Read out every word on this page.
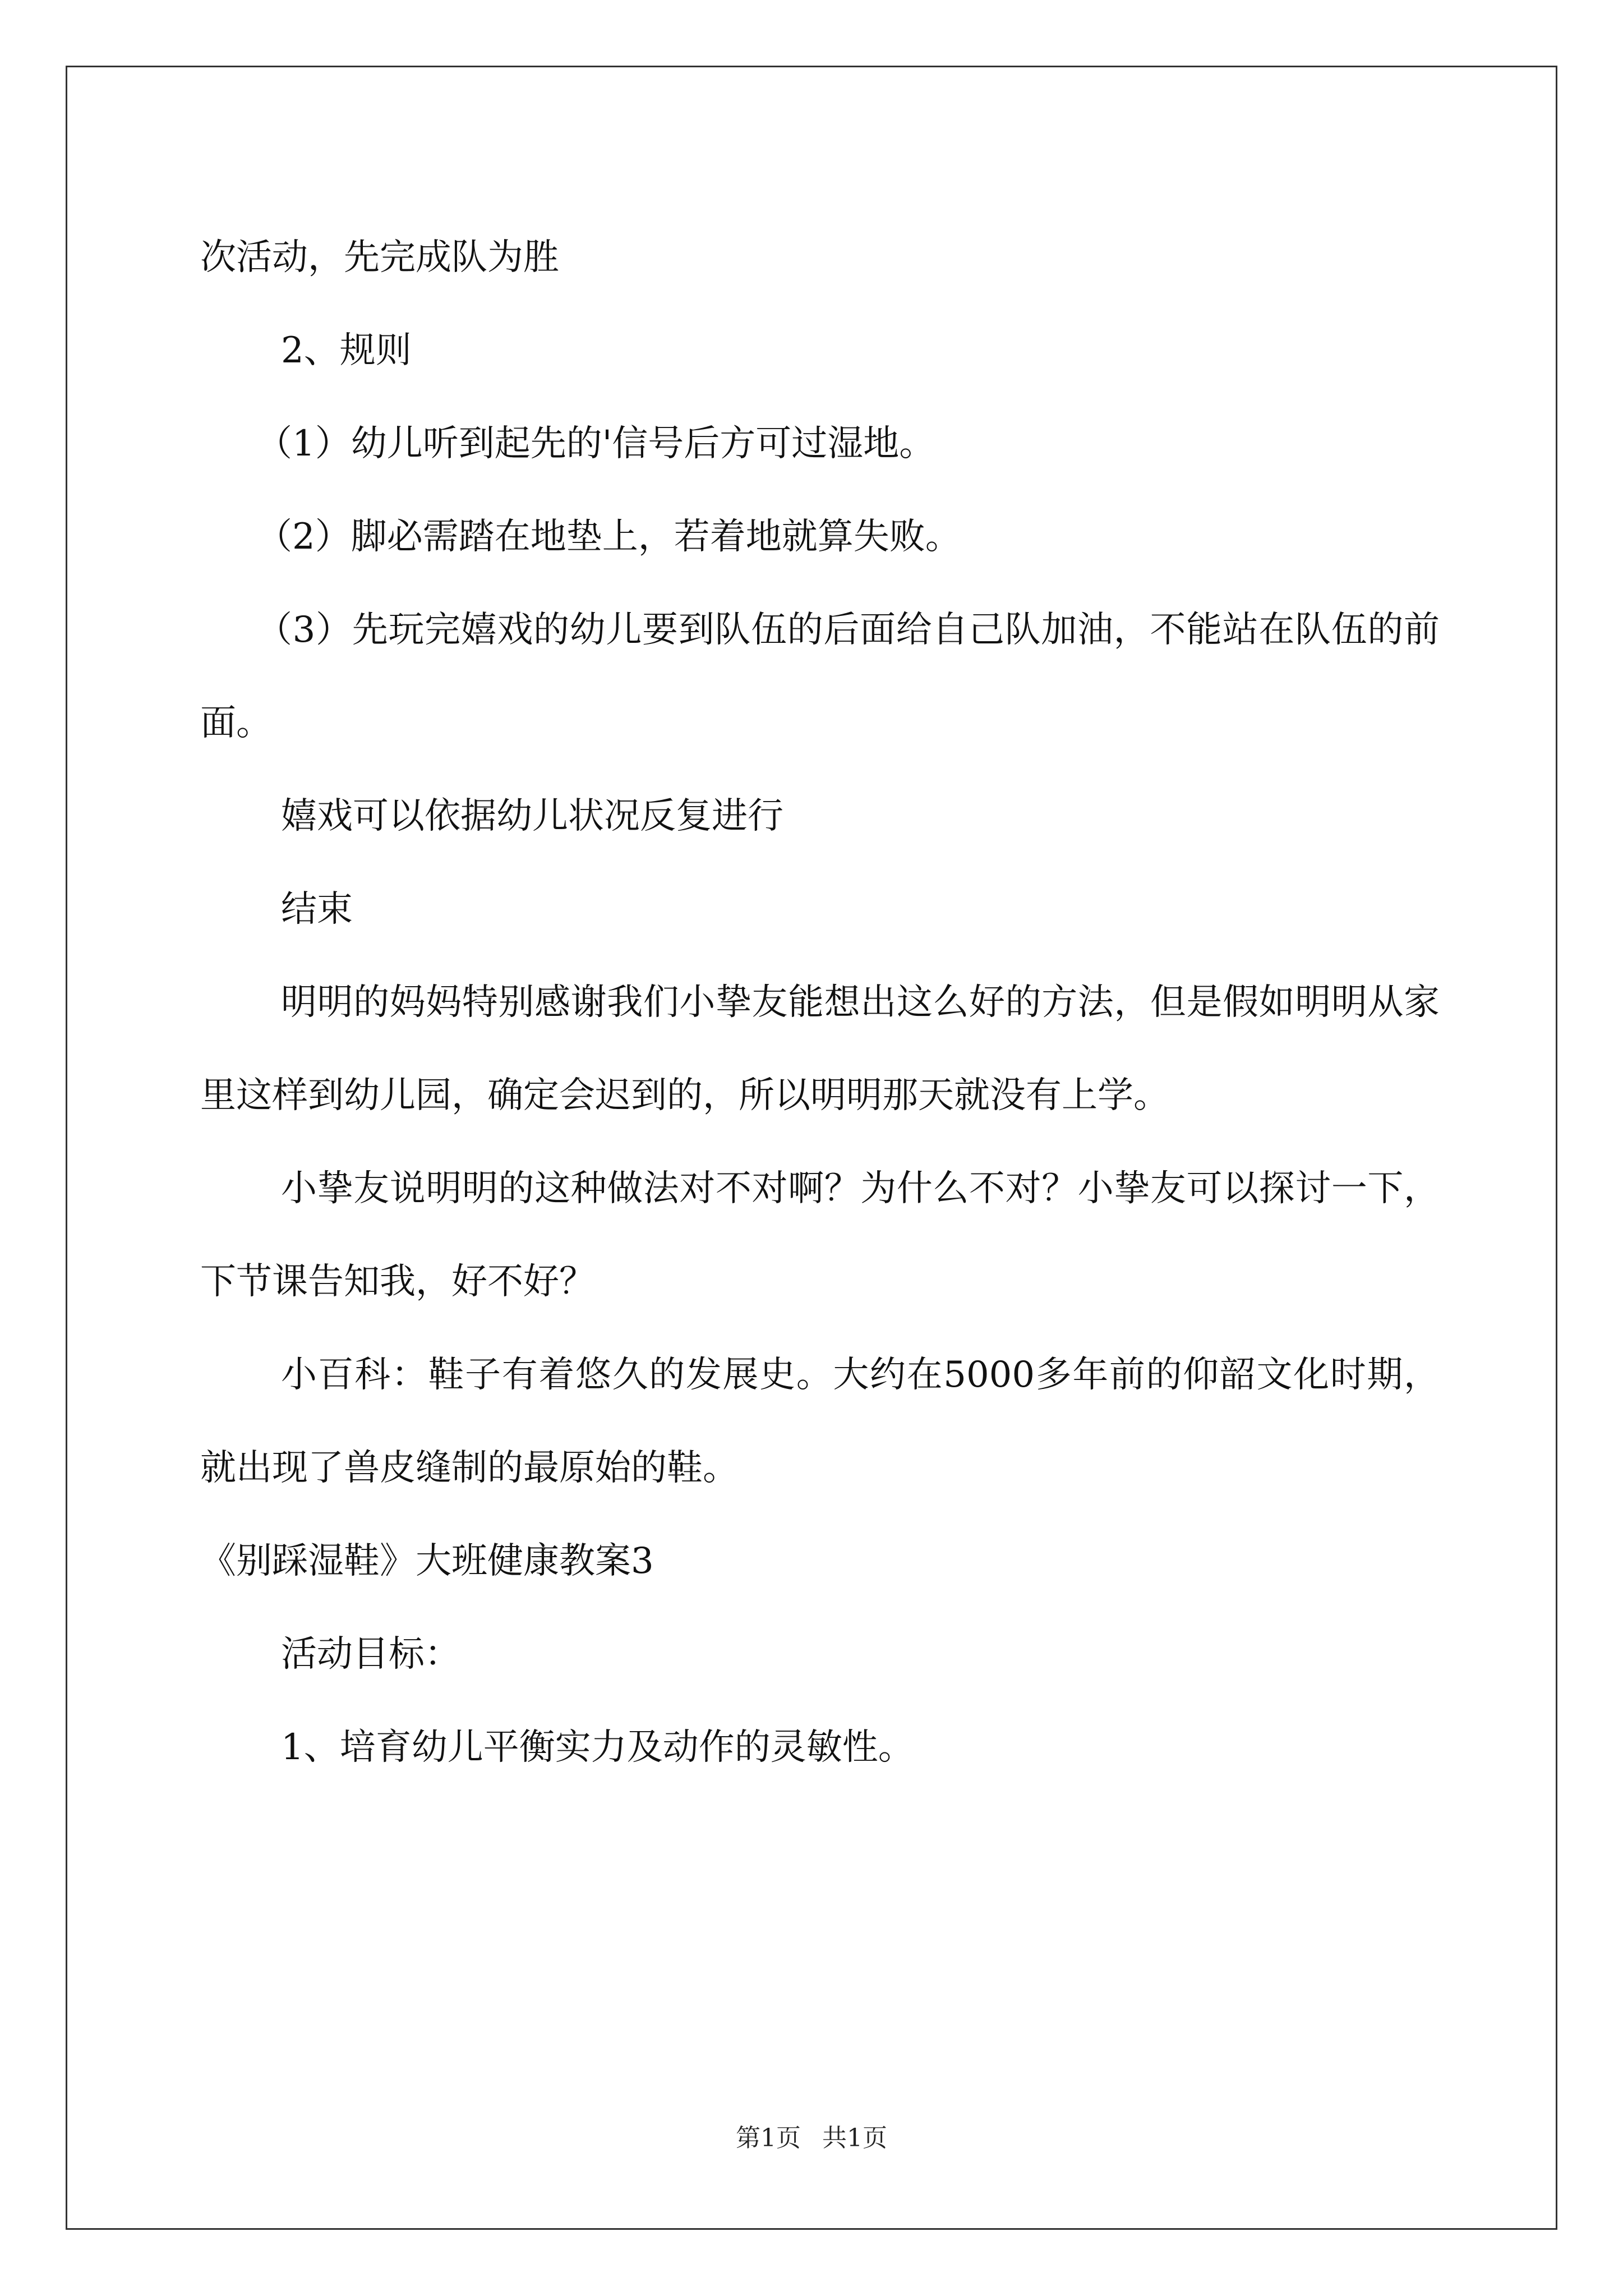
次活动，先完成队为胜

2、规则

（1）幼儿听到起先的'信号后方可过湿地。

（2）脚必需踏在地垫上，若着地就算失败。

（3）先玩完嬉戏的幼儿要到队伍的后面给自己队加油，不能站在队伍的前面。

嬉戏可以依据幼儿状况反复进行

结束

明明的妈妈特别感谢我们小挚友能想出这么好的方法，但是假如明明从家里这样到幼儿园，确定会迟到的，所以明明那天就没有上学。

小挚友说明明的这种做法对不对啊？为什么不对？小挚友可以探讨一下，下节课告知我，好不好？

小百科：鞋子有着悠久的发展史。大约在5000多年前的仰韶文化时期，就出现了兽皮缝制的最原始的鞋。

《别踩湿鞋》大班健康教案3

活动目标：

1、培育幼儿平衡实力及动作的灵敏性。

第1页 共1页
